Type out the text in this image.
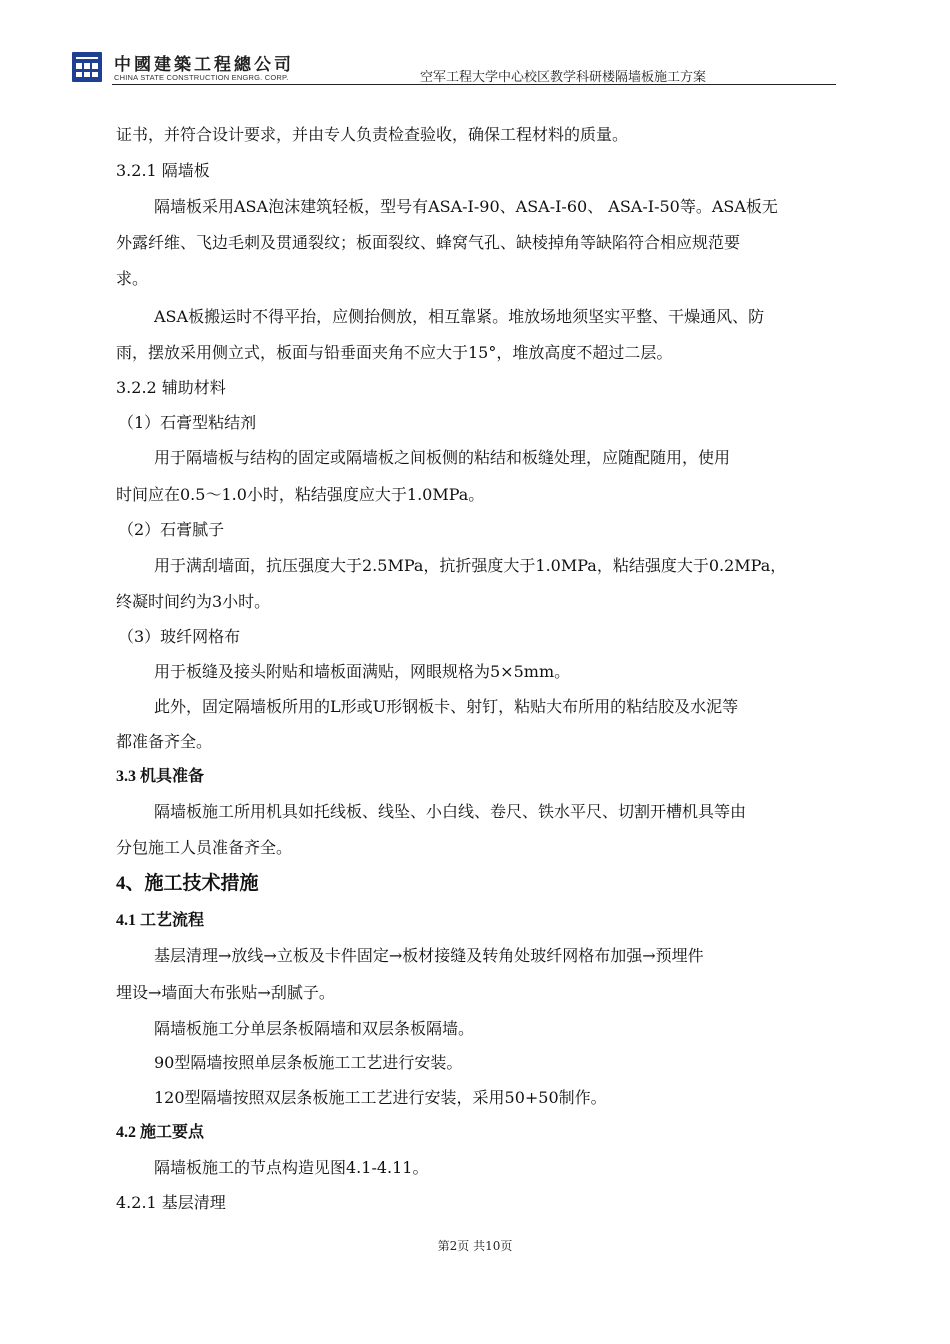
中國建築工程總公司
CHINA STATE CONSTRUCTION ENGRG. CORP.	空军工程大学中心校区教学科研楼隔墙板施工方案
证书，并符合设计要求，并由专人负责检查验收，确保工程材料的质量。
3.2.1 隔墙板
隔墙板采用ASA泡沫建筑轻板，型号有ASA-I-90、ASA-I-60、 ASA-I-50等。ASA板无
外露纤维、飞边毛刺及贯通裂纹；板面裂纹、蜂窝气孔、缺棱掉角等缺陷符合相应规范要
求。
ASA板搬运时不得平抬，应侧抬侧放，相互靠紧。堆放场地须坚实平整、干燥通风、防
雨，摆放采用侧立式，板面与铅垂面夹角不应大于15°，堆放高度不超过二层。
3.2.2 辅助材料
（1）石膏型粘结剂
用于隔墙板与结构的固定或隔墙板之间板侧的粘结和板缝处理，应随配随用，使用
时间应在0.5～1.0小时，粘结强度应大于1.0MPa。
（2）石膏腻子
用于满刮墙面，抗压强度大于2.5MPa，抗折强度大于1.0MPa，粘结强度大于0.2MPa，
终凝时间约为3小时。
（3）玻纤网格布
用于板缝及接头附贴和墙板面满贴，网眼规格为5×5mm。
此外，固定隔墙板所用的L形或U形钢板卡、射钉，粘贴大布所用的粘结胶及水泥等
都准备齐全。
3.3 机具准备
隔墙板施工所用机具如托线板、线坠、小白线、卷尺、铁水平尺、切割开槽机具等由
分包施工人员准备齐全。
4、施工技术措施
4.1 工艺流程
基层清理→放线→立板及卡件固定→板材接缝及转角处玻纤网格布加强→预埋件
埋设→墙面大布张贴→刮腻子。
隔墙板施工分单层条板隔墙和双层条板隔墙。
90型隔墙按照单层条板施工工艺进行安装。
120型隔墙按照双层条板施工工艺进行安装，采用50+50制作。
4.2 施工要点
隔墙板施工的节点构造见图4.1-4.11。
4.2.1 基层清理
第2页 共10页
